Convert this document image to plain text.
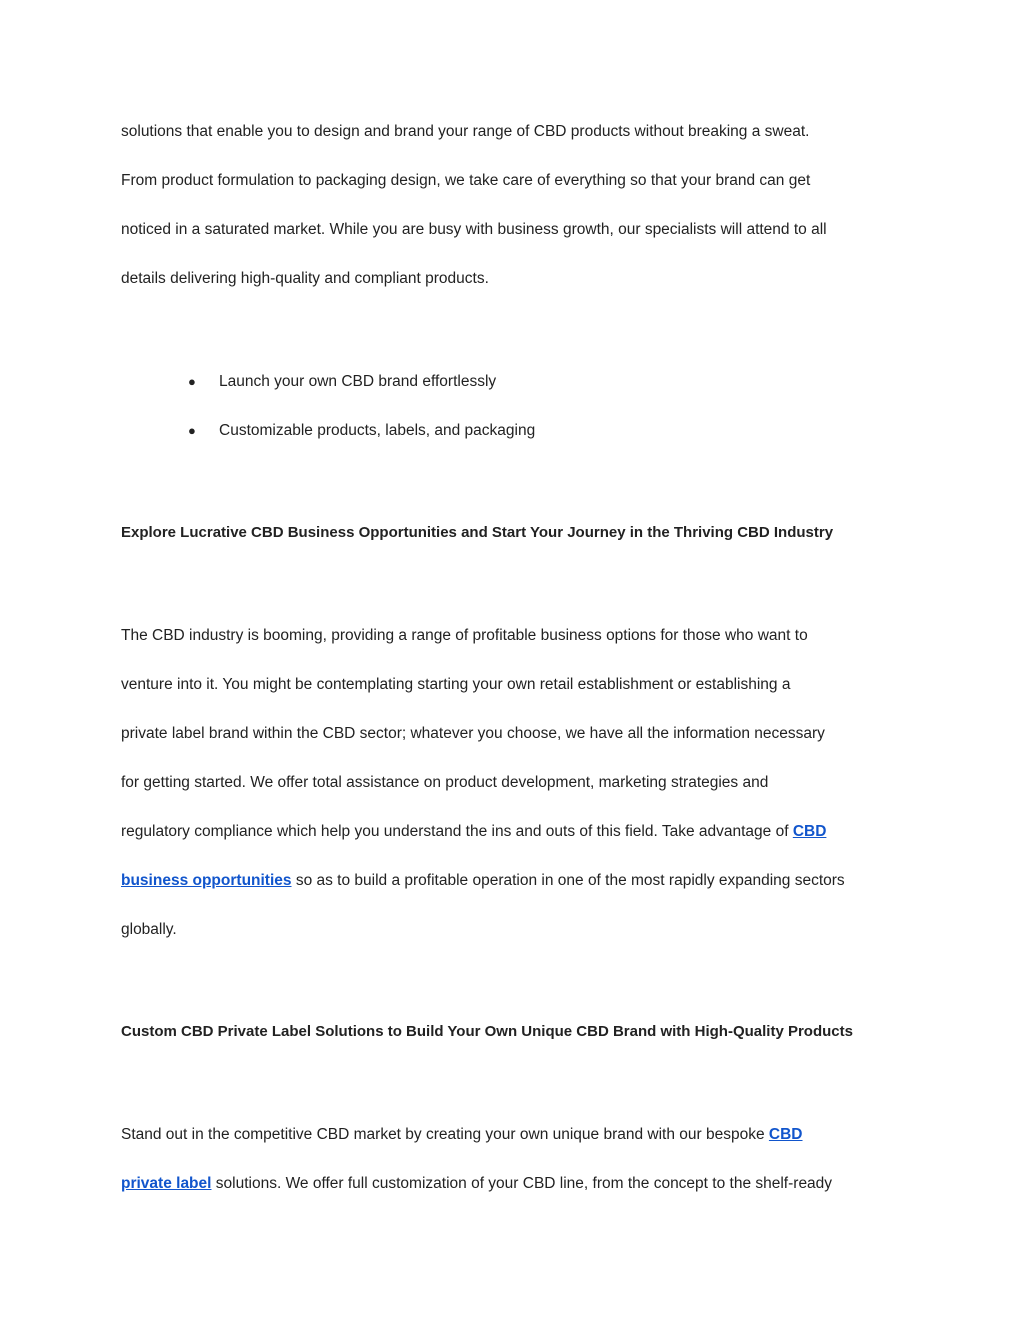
solutions that enable you to design and brand your range of CBD products without breaking a sweat.
From product formulation to packaging design, we take care of everything so that your brand can get
noticed in a saturated market. While you are busy with business growth, our specialists will attend to all
details delivering high-quality and compliant products.
● Launch your own CBD brand effortlessly
● Customizable products, labels, and packaging
Explore Lucrative CBD Business Opportunities and Start Your Journey in the Thriving CBD Industry
The CBD industry is booming, providing a range of profitable business options for those who want to
venture into it. You might be contemplating starting your own retail establishment or establishing a
private label brand within the CBD sector; whatever you choose, we have all the information necessary
for getting started. We offer total assistance on product development, marketing strategies and
regulatory compliance which help you understand the ins and outs of this field. Take advantage of CBD
business opportunities so as to build a profitable operation in one of the most rapidly expanding sectors
globally.
Custom CBD Private Label Solutions to Build Your Own Unique CBD Brand with High-Quality Products
Stand out in the competitive CBD market by creating your own unique brand with our bespoke CBD
private label solutions. We offer full customization of your CBD line, from the concept to the shelf-ready
